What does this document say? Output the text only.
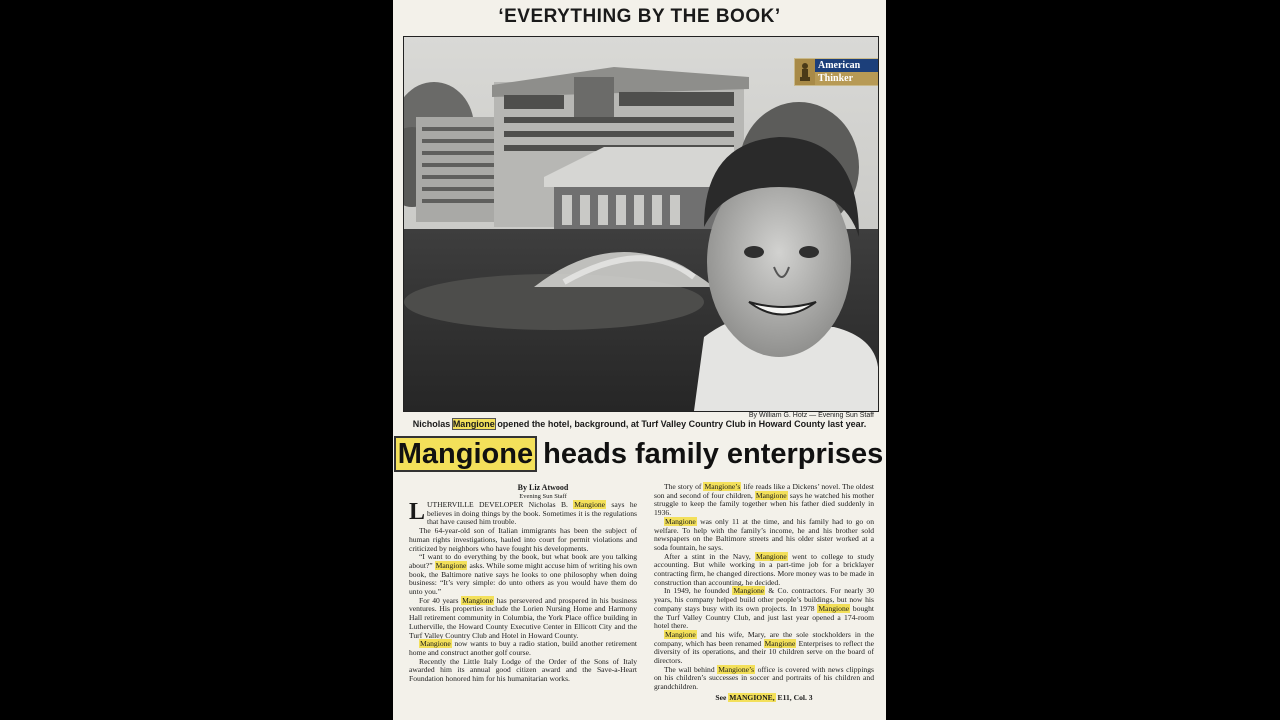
‘EVERYTHING BY THE BOOK’
American
Thinker
By William G. Hotz — Evening Sun Staff
Nicholas Mangione opened the hotel, background, at Turf Valley Country Club in Howard County last year.
Mangione heads family enterprises
By Liz Atwood
Evening Sun Staff

LUTHERVILLE DEVELOPER Nicholas B. Mangione says he believes in doing things by the book. Sometimes it is the regulations that have caused him trouble.

The 64-year-old son of Italian immigrants has been the subject of human rights investigations, hauled into court for permit violations and criticized by neighbors who have fought his developments.

“I want to do everything by the book, but what book are you talking about?” Mangione asks. While some might accuse him of writing his own book, the Baltimore native says he looks to one philosophy when doing business: “It’s very simple: do unto others as you would have them do unto you.”

For 40 years Mangione has persevered and prospered in his business ventures. His properties include the Lorien Nursing Home and Harmony Hall retirement community in Columbia, the York Place office building in Lutherville, the Howard County Executive Center in Ellicott City and the Turf Valley Country Club and Hotel in Howard County.

Mangione now wants to buy a radio station, build another retirement home and construct another golf course.

Recently the Little Italy Lodge of the Order of the Sons of Italy awarded him its annual good citizen award and the Save-a-Heart Foundation honored him for his humanitarian works.

The story of Mangione’s life reads like a Dickens’ novel. The oldest son and second of four children, Mangione says he watched his mother struggle to keep the family together when his father died suddenly in 1936.

Mangione was only 11 at the time, and his family had to go on welfare. To help with the family’s income, he and his brother sold newspapers on the Baltimore streets and his older sister worked at a soda fountain, he says.

After a stint in the Navy, Mangione went to college to study accounting. But while working in a part-time job for a bricklayer contracting firm, he changed directions. More money was to be made in construction than accounting, he decided.

In 1949, he founded Mangione & Co. contractors. For nearly 30 years, his company helped build other people’s buildings, but now his company stays busy with its own projects. In 1978 Mangione bought the Turf Valley Country Club, and just last year opened a 174-room hotel there.

Mangione and his wife, Mary, are the sole stockholders in the company, which has been renamed Mangione Enterprises to reflect the diversity of its operations, and their 10 children serve on the board of directors.

The wall behind Mangione’s office is covered with news clippings on his children’s successes in soccer and portraits of his children and grandchildren.

See MANGIONE, E11, Col. 3
